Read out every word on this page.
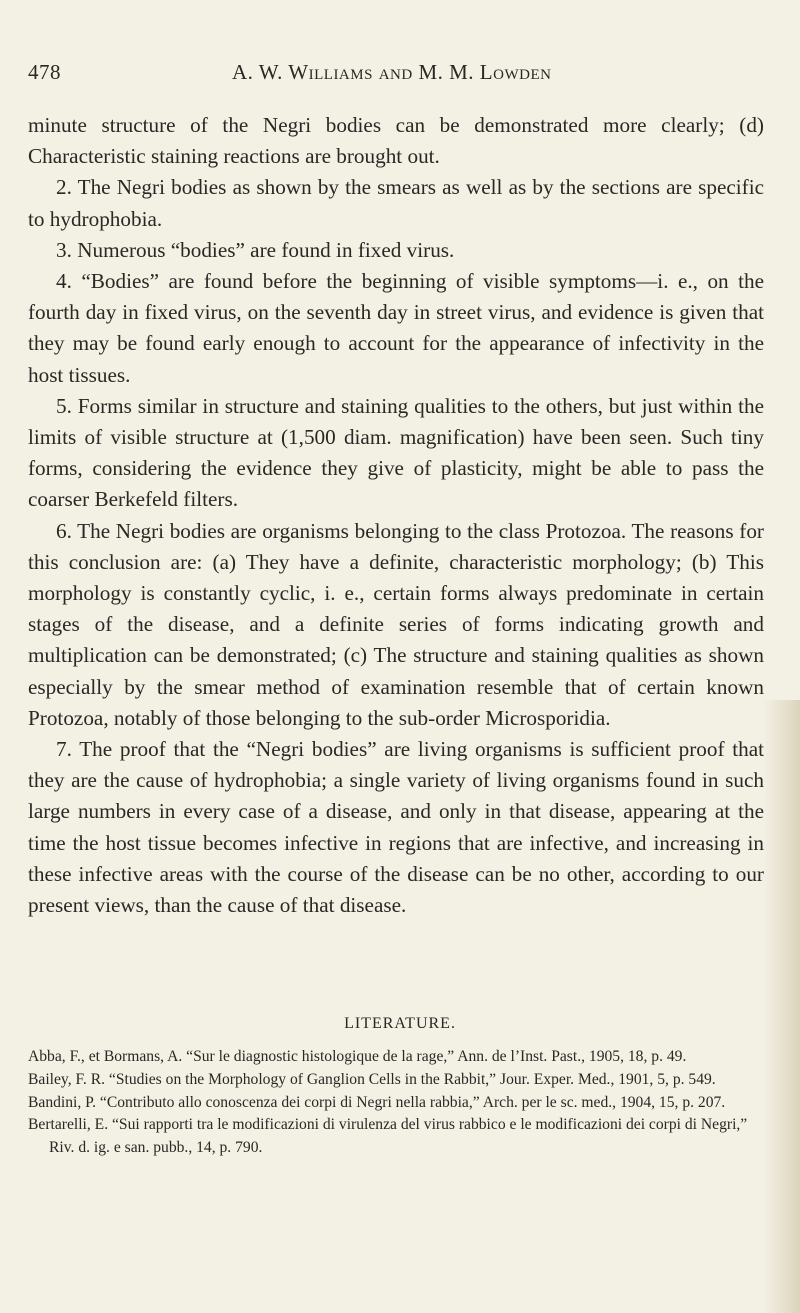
478	A. W. Williams and M. M. Lowden

minute structure of the Negri bodies can be demonstrated more clearly; (d) Characteristic staining reactions are brought out.

2. The Negri bodies as shown by the smears as well as by the sections are specific to hydrophobia.

3. Numerous “bodies” are found in fixed virus.

4. “Bodies” are found before the beginning of visible symptoms—i. e., on the fourth day in fixed virus, on the seventh day in street virus, and evidence is given that they may be found early enough to account for the appearance of infectivity in the host tissues.

5. Forms similar in structure and staining qualities to the others, but just within the limits of visible structure at (1,500 diam. magnification) have been seen. Such tiny forms, considering the evidence they give of plasticity, might be able to pass the coarser Berkefeld filters.

6. The Negri bodies are organisms belonging to the class Protozoa. The reasons for this conclusion are: (a) They have a definite, characteristic morphology; (b) This morphology is constantly cyclic, i. e., certain forms always predominate in certain stages of the disease, and a definite series of forms indicating growth and multiplication can be demonstrated; (c) The structure and staining qualities as shown especially by the smear method of examination resemble that of certain known Protozoa, notably of those belonging to the sub-order Microsporidia.

7. The proof that the “Negri bodies” are living organisms is sufficient proof that they are the cause of hydrophobia; a single variety of living organisms found in such large numbers in every case of a disease, and only in that disease, appearing at the time the host tissue becomes infective in regions that are infective, and increasing in these infective areas with the course of the disease can be no other, according to our present views, than the cause of that disease.

LITERATURE.

Abba, F., et Bormans, A. “Sur le diagnostic histologique de la rage,” Ann. de l’Inst. Past., 1905, 18, p. 49.

Bailey, F. R. “Studies on the Morphology of Ganglion Cells in the Rabbit,” Jour. Exper. Med., 1901, 5, p. 549.

Bandini, P. “Contributo allo conoscenza dei corpi di Negri nella rabbia,” Arch. per le sc. med., 1904, 15, p. 207.

Bertarelli, E. “Sui rapporti tra le modificazioni di virulenza del virus rabbico e le modificazioni dei corpi di Negri,” Riv. d. ig. e san. pubb., 14, p. 790.
